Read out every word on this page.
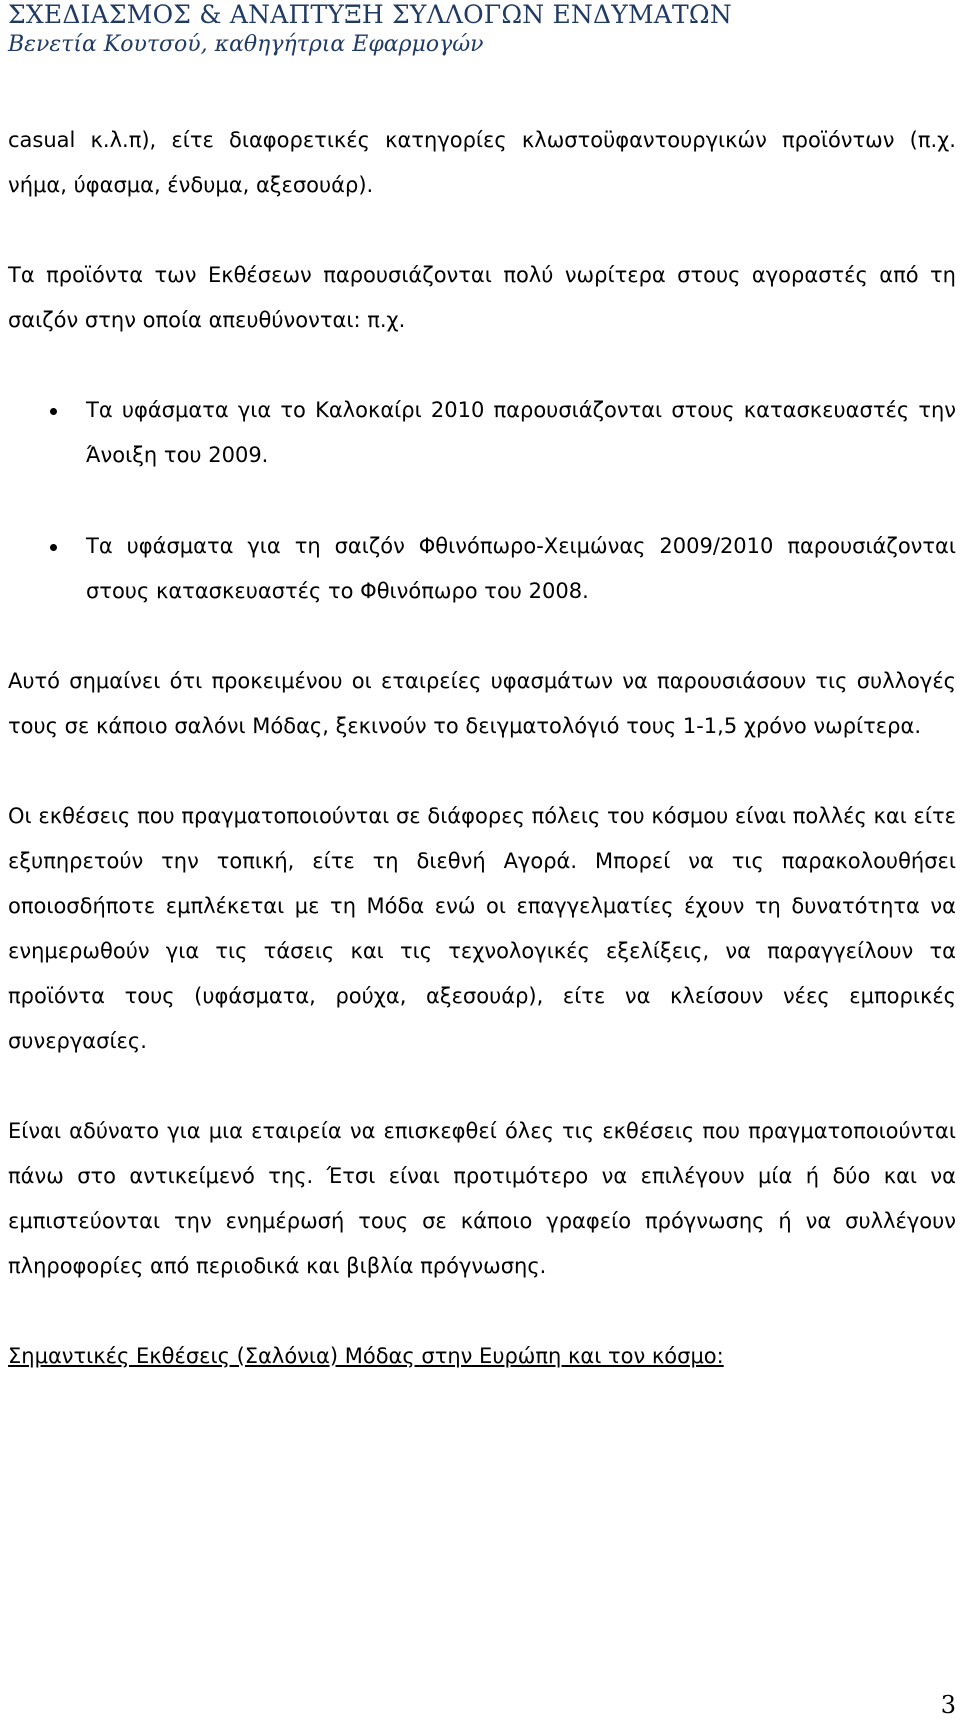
ΣΧΕΔΙΑΣΜΟΣ & ΑΝΑΠΤΥΞΗ ΣΥΛΛΟΓΩΝ ΕΝΔΥΜΑΤΩΝ
Βενετία Κουτσού, καθηγήτρια Εφαρμογών

casual κ.λ.π), είτε διαφορετικές κατηγορίες κλωστοϋφαντουργικών προϊόντων (π.χ. νήμα, ύφασμα, ένδυμα, αξεσουάρ).

Τα προϊόντα των Εκθέσεων παρουσιάζονται πολύ νωρίτερα στους αγοραστές από τη σαιζόν στην οποία απευθύνονται: π.χ.

Τα υφάσματα για το Καλοκαίρι 2010 παρουσιάζονται στους κατασκευαστές την Άνοιξη του 2009.
Τα υφάσματα για τη σαιζόν Φθινόπωρο-Χειμώνας 2009/2010 παρουσιάζονται στους κατασκευαστές το Φθινόπωρο του 2008.

Αυτό σημαίνει ότι προκειμένου οι εταιρείες υφασμάτων να παρουσιάσουν τις συλλογές τους σε κάποιο σαλόνι Μόδας, ξεκινούν το δειγματολόγιό τους 1-1,5 χρόνο νωρίτερα.

Οι εκθέσεις που πραγματοποιούνται σε διάφορες πόλεις του κόσμου είναι πολλές και είτε εξυπηρετούν την τοπική, είτε τη διεθνή Αγορά. Μπορεί να τις παρακολουθήσει οποιοσδήποτε εμπλέκεται με τη Μόδα ενώ οι επαγγελματίες έχουν τη δυνατότητα να ενημερωθούν για τις τάσεις και τις τεχνολογικές εξελίξεις, να παραγγείλουν τα προϊόντα τους (υφάσματα, ρούχα, αξεσουάρ), είτε να κλείσουν νέες εμπορικές συνεργασίες.

Είναι αδύνατο για μια εταιρεία να επισκεφθεί όλες τις εκθέσεις που πραγματοποιούνται πάνω στο αντικείμενό της. Έτσι είναι προτιμότερο να επιλέγουν μία ή δύο και να εμπιστεύονται την ενημέρωσή τους σε κάποιο γραφείο πρόγνωσης ή να συλλέγουν πληροφορίες από περιοδικά και βιβλία πρόγνωσης.

Σημαντικές Εκθέσεις (Σαλόνια) Μόδας στην Ευρώπη και τον κόσμο:

3
